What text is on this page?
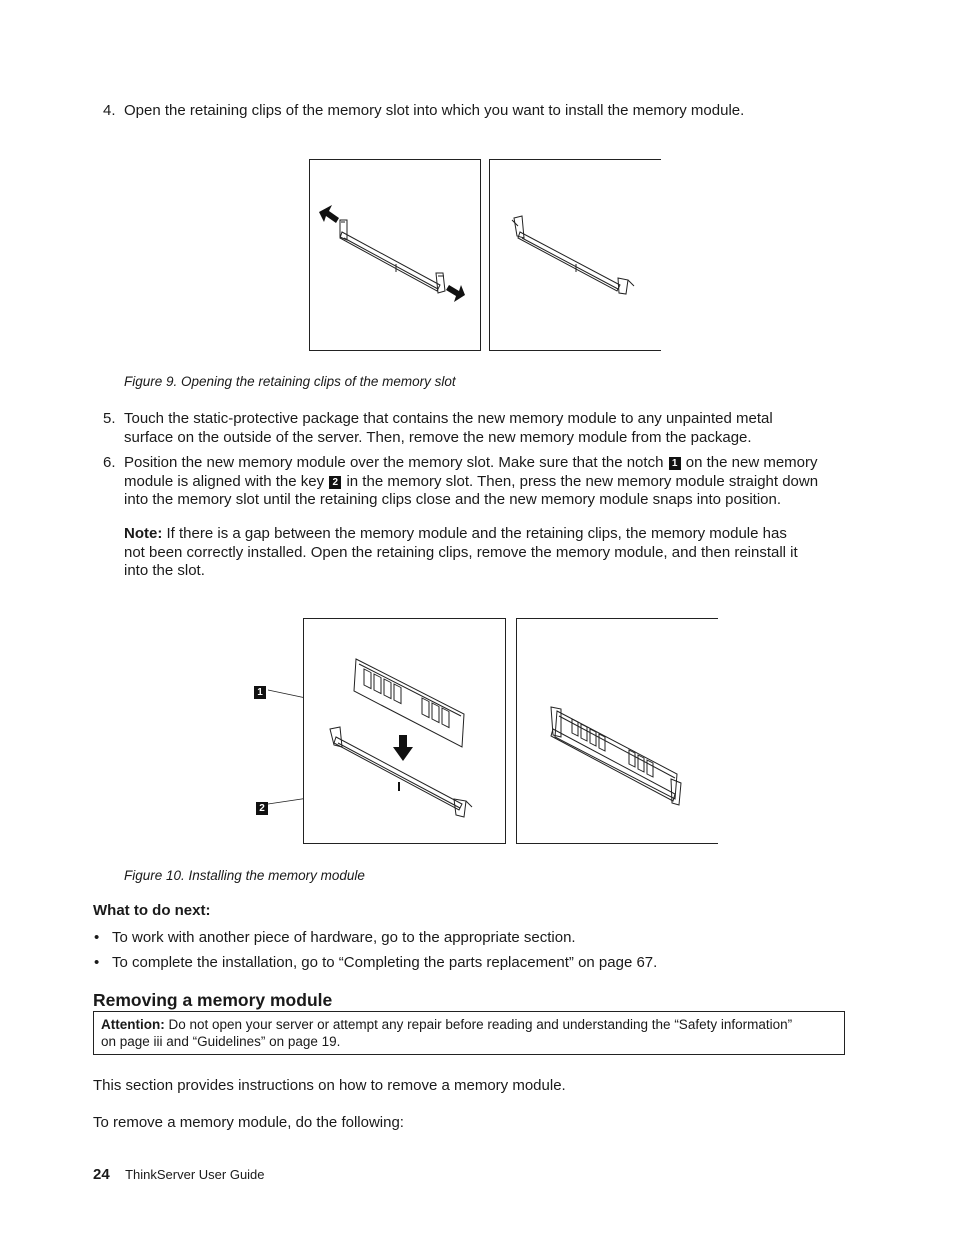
4. Open the retaining clips of the memory slot into which you want to install the memory module.
Figure 9. Opening the retaining clips of the memory slot
5. Touch the static-protective package that contains the new memory module to any unpainted metal
surface on the outside of the server. Then, remove the new memory module from the package.
6. Position the new memory module over the memory slot. Make sure that the notch 1 on the new memory
module is aligned with the key 2 in the memory slot. Then, press the new memory module straight down
into the memory slot until the retaining clips close and the new memory module snaps into position.
Note: If there is a gap between the memory module and the retaining clips, the memory module has
not been correctly installed. Open the retaining clips, remove the memory module, and then reinstall it
into the slot.
1
2
Figure 10. Installing the memory module
What to do next:
• To work with another piece of hardware, go to the appropriate section.
• To complete the installation, go to “Completing the parts replacement” on page 67.
Removing a memory module
Attention: Do not open your server or attempt any repair before reading and understanding the “Safety information”
on page iii and “Guidelines” on page 19.
This section provides instructions on how to remove a memory module.
To remove a memory module, do the following:
24 ThinkServer User Guide
